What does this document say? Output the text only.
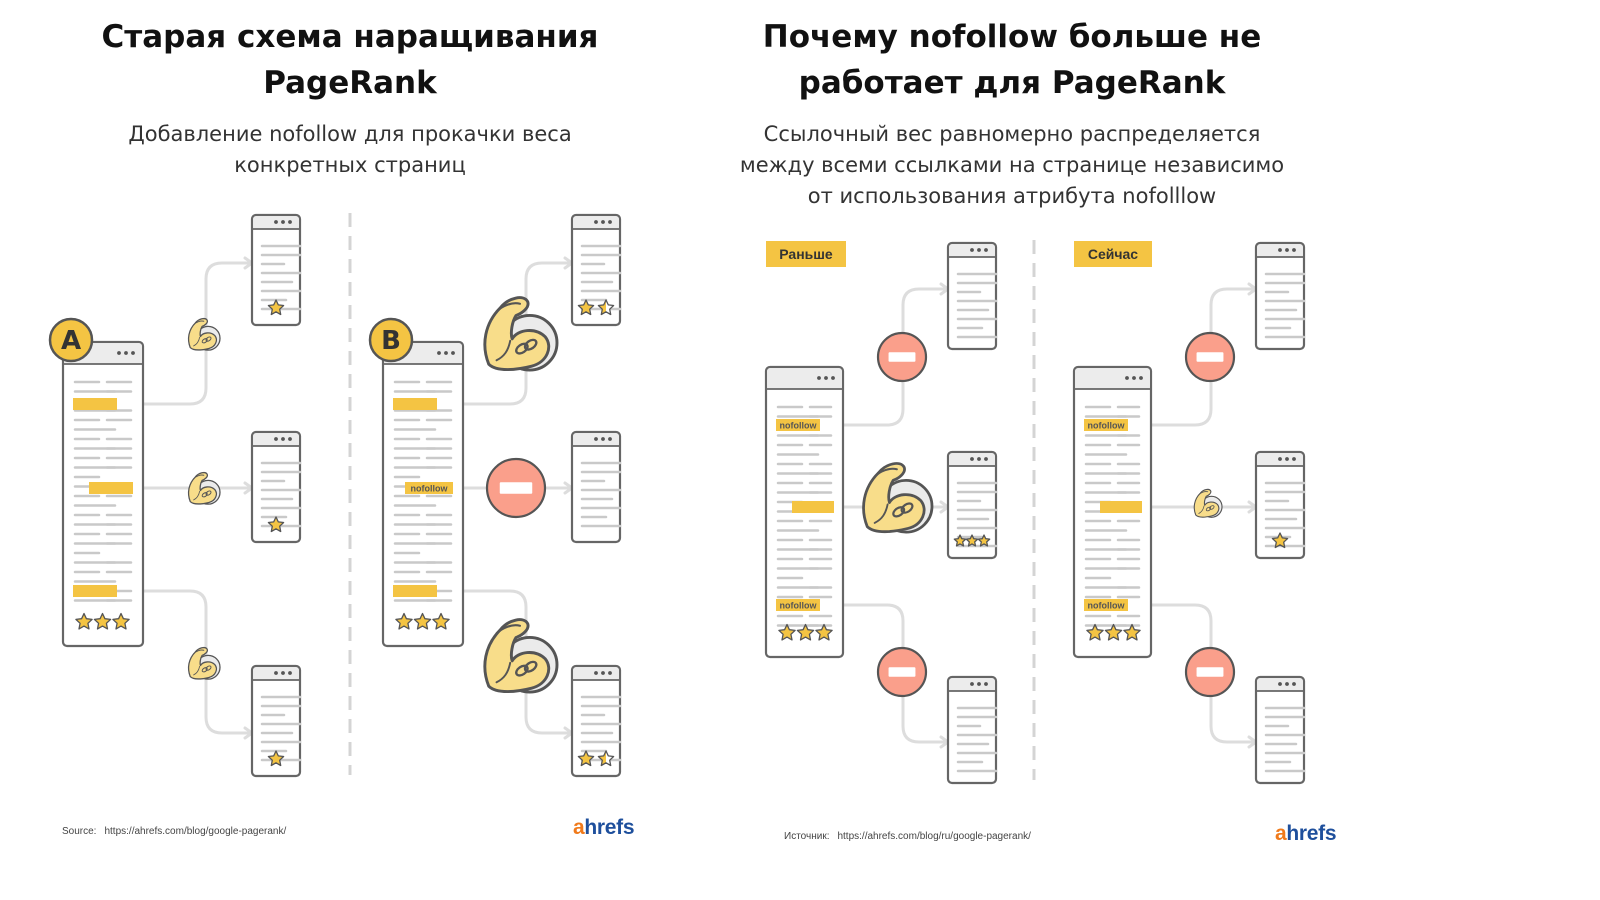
Старая схема наращивания
PageRank
Добавление nofollow для прокачки веса
конкретных страниц
Почему nofollow больше не
работает для PageRank
Ссылочный вес равномерно распределяется
между всеми ссылками на странице независимо
от использования атрибута nofolllow
nofollow
nofollow
nofollow
nofollow
nofollow
A	B
Раньше	Сейчас
Source: https://ahrefs.com/blog/google-pagerank/	ahrefs	Источник: https://ahrefs.com/blog/ru/google-pagerank/	ahrefs
